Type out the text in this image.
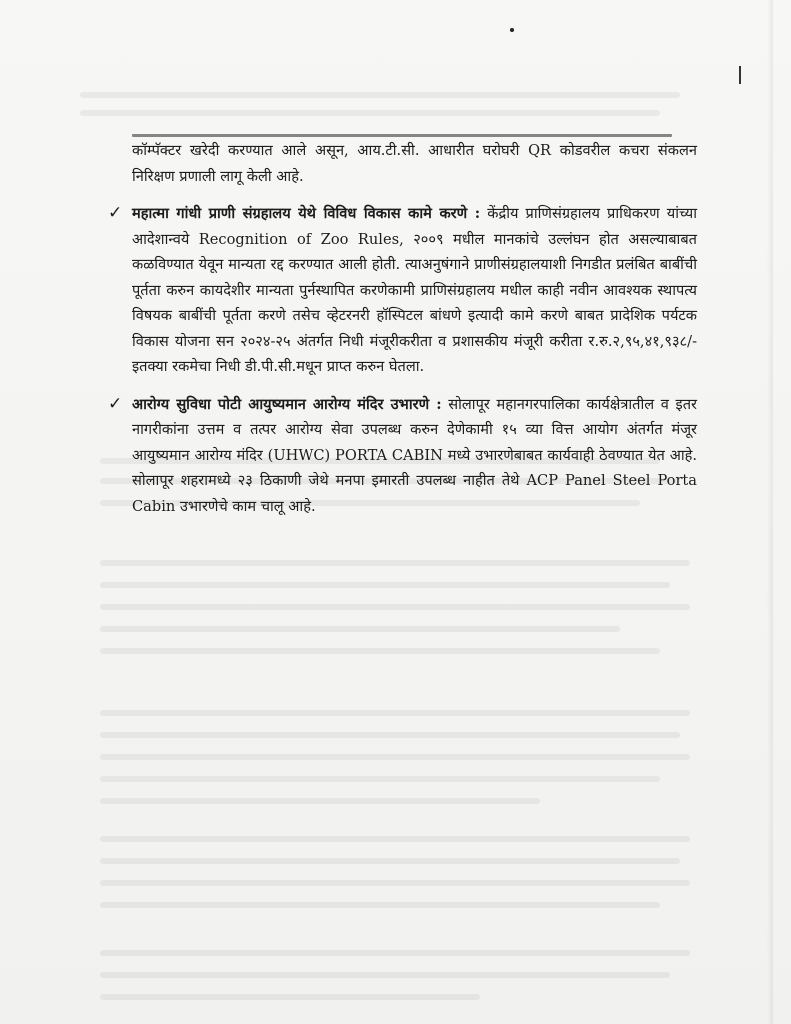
कॉम्पॅक्टर खरेदी करण्यात आले असून, आय.टी.सी. आधारीत घरोघरी QR कोडवरील कचरा संकलन निरिक्षण प्रणाली लागू केली आहे.
✓ महात्मा गांधी प्राणी संग्रहालय येथे विविध विकास कामे करणे : केंद्रीय प्राणिसंग्रहालय प्राधिकरण यांच्या आदेशान्वये Recognition of Zoo Rules, २००९ मधील मानकांचे उल्लंघन होत असल्याबाबत कळविण्यात येवून मान्यता रद्द करण्यात आली होती. त्याअनुषंगाने प्राणीसंग्रहालयाशी निगडीत प्रलंबित बाबींची पूर्तता करुन कायदेशीर मान्यता पुर्नस्थापित करणेकामी प्राणिसंग्रहालय मधील काही नवीन आवश्यक स्थापत्य विषयक बाबींची पूर्तता करणे तसेच व्हेटरनरी हॉस्पिटल बांधणे इत्यादी कामे करणे बाबत प्रादेशिक पर्यटक विकास योजना सन २०२४-२५ अंतर्गत निधी मंजूरीकरीता व प्रशासकीय मंजूरी करीता र.रु.२,९५,४१,९३८/- इतक्या रकमेचा निधी डी.पी.सी.मधून प्राप्त करुन घेतला.
✓ आरोग्य सुविधा पोटी आयुष्यमान आरोग्य मंदिर उभारणे : सोलापूर महानगरपालिका कार्यक्षेत्रातील व इतर नागरीकांना उत्तम व तत्पर आरोग्य सेवा उपलब्ध करुन देणेकामी १५ व्या वित्त आयोग अंतर्गत मंजूर आयुष्यमान आरोग्य मंदिर (UHWC) PORTA CABIN मध्ये उभारणेबाबत कार्यवाही ठेवण्यात येत आहे. सोलापूर शहरामध्ये २३ ठिकाणी जेथे मनपा इमारती उपलब्ध नाहीत तेथे ACP Panel Steel Porta Cabin उभारणेचे काम चालू आहे.
